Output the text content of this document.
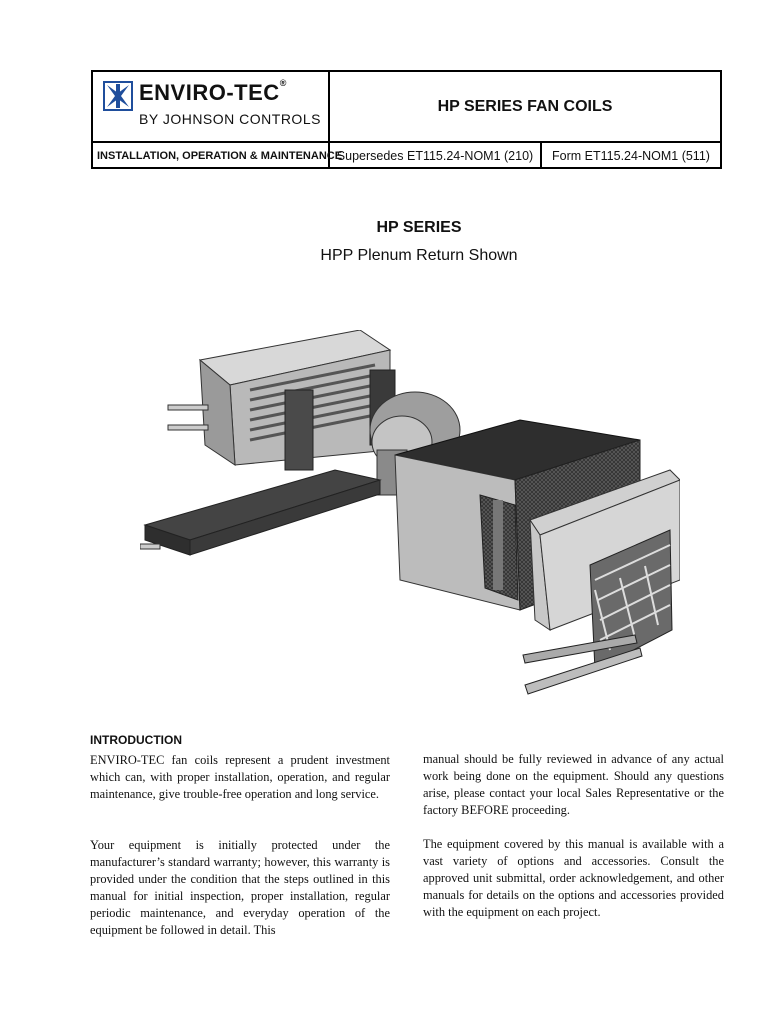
ENVIRO-TEC®
BY JOHNSON CONTROLS
HP SERIES FAN COILS
INSTALLATION, OPERATION & MAINTENANCE
Supersedes ET115.24-NOM1 (210)	Form ET115.24-NOM1 (511)
HP SERIES
HPP Plenum Return Shown
INTRODUCTION

ENVIRO-TEC fan coils represent a prudent investment which can, with proper installation, operation, and regular maintenance, give trouble-free operation and long service.

Your equipment is initially protected under the manufacturer’s standard warranty; however, this warranty is provided under the condition that the steps outlined in this manual for initial inspection, proper installation, regular periodic maintenance, and everyday operation of the equipment be followed in detail. This

manual should be fully reviewed in advance of any actual work being done on the equipment. Should any questions arise, please contact your local Sales Representative or the factory BEFORE proceeding.

The equipment covered by this manual is available with a vast variety of options and accessories. Consult the approved unit submittal, order acknowledgement, and other manuals for details on the options and accessories provided with the equipment on each project.
